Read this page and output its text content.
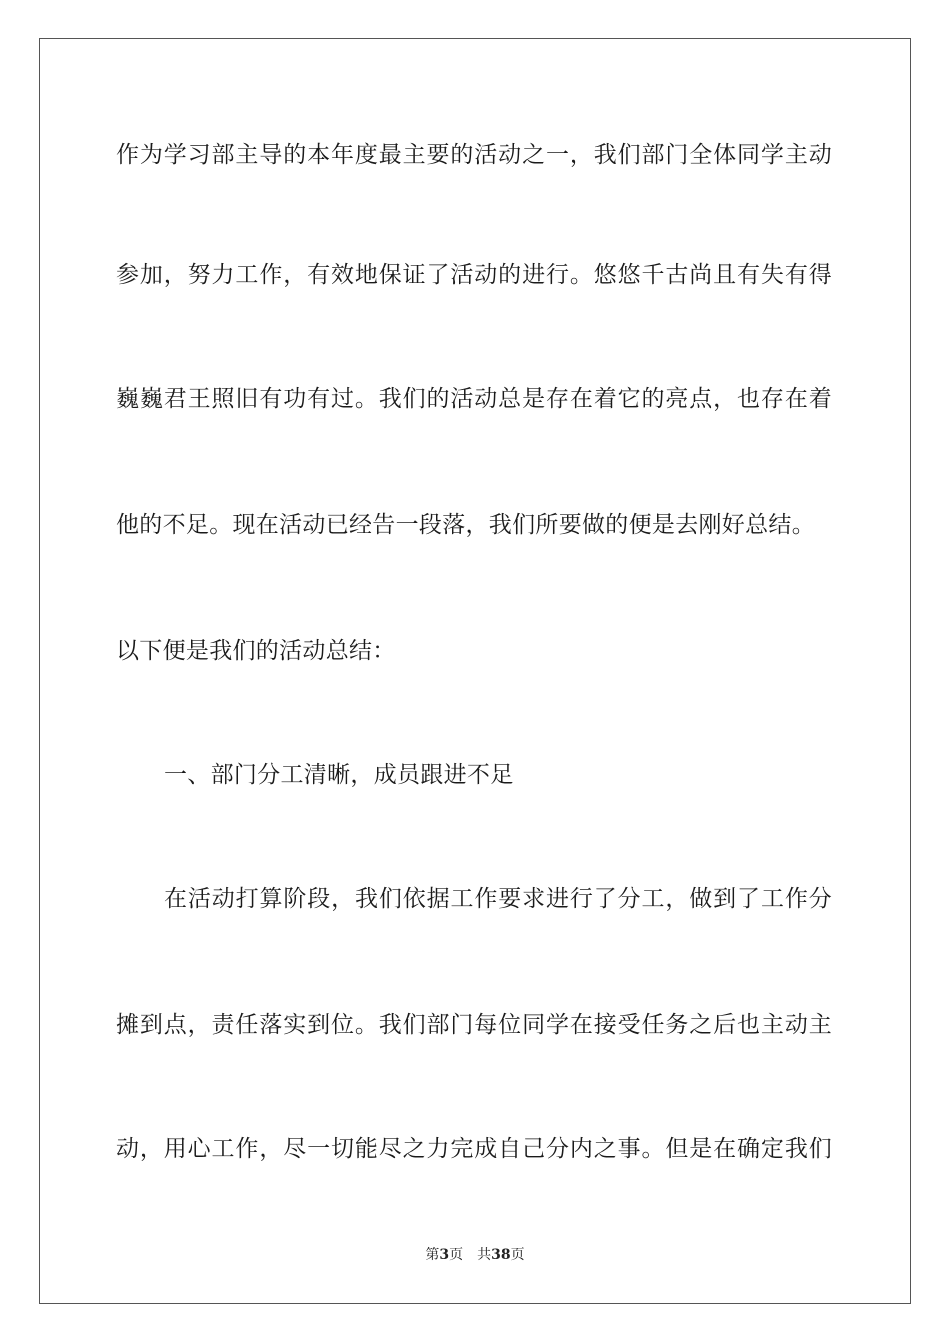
作为学习部主导的本年度最主要的活动之一，我们部门全体同学主动
参加，努力工作，有效地保证了活动的进行。悠悠千古尚且有失有得
巍巍君王照旧有功有过。我们的活动总是存在着它的亮点，也存在着
他的不足。现在活动已经告一段落，我们所要做的便是去刚好总结。
以下便是我们的活动总结：
一、部门分工清晰，成员跟进不足
在活动打算阶段，我们依据工作要求进行了分工，做到了工作分
摊到点，责任落实到位。我们部门每位同学在接受任务之后也主动主
动，用心工作，尽一切能尽之力完成自己分内之事。但是在确定我们
第3页 共38页
